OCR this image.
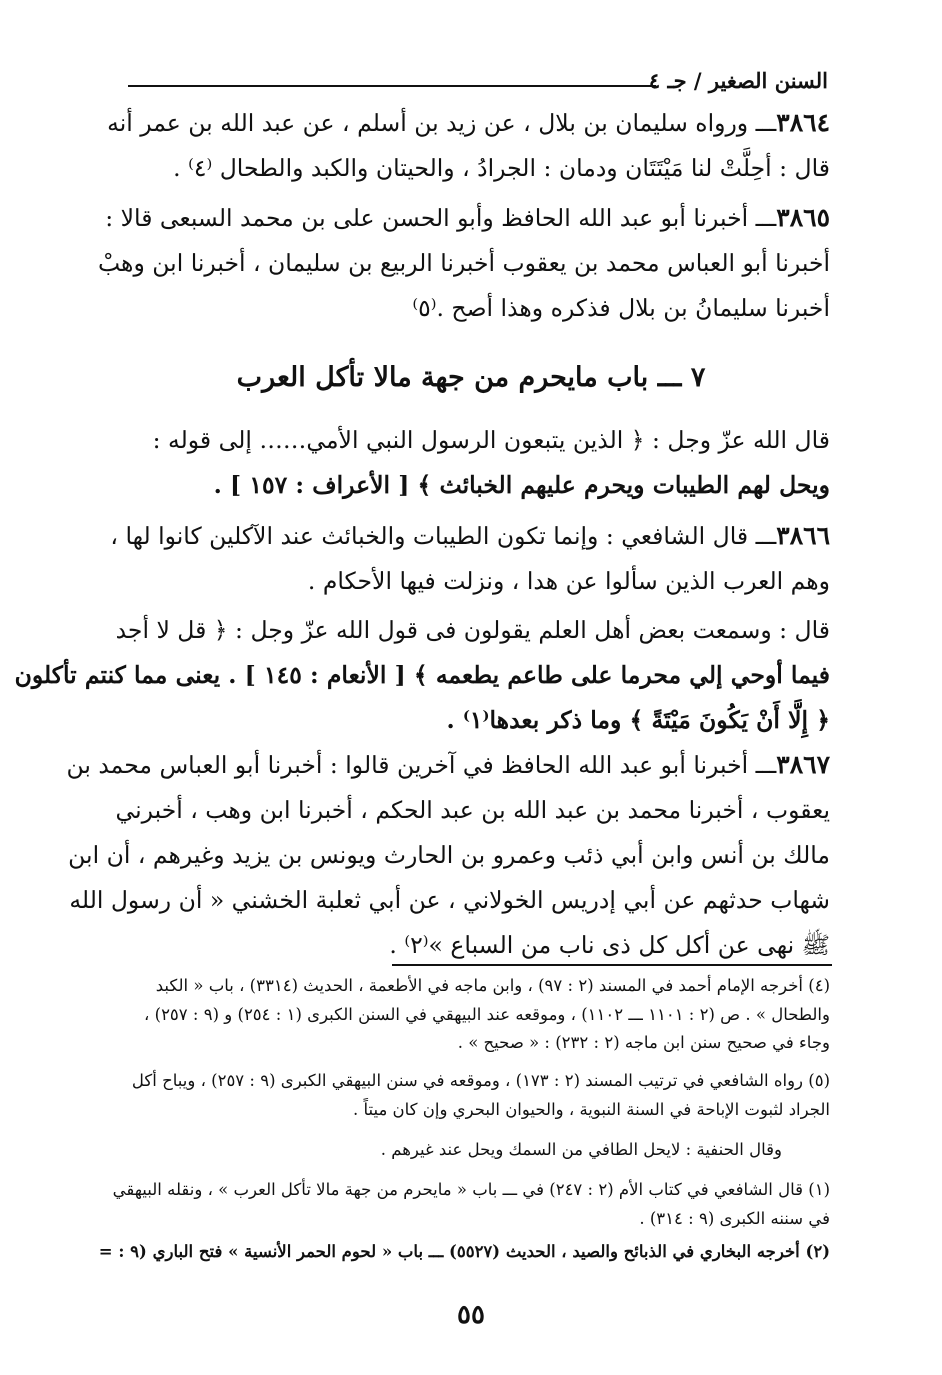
السنن الصغير / جـ ٤

٣٨٦٤ـــ ورواه سليمان بن بلال ، عن زيد بن أسلم ، عن عبد الله بن عمر أنه

قال : أحِلَّتْ لنا مَيْتَتَان ودمان : الجرادُ ، والحيتان والكبد والطحال ⁽٤⁾ .

٣٨٦٥ـــ أخبرنا أبو عبد الله الحافظ وأبو الحسن على بن محمد السبعى قالا :

أخبرنا أبو العباس محمد بن يعقوب أخبرنا الربيع بن سليمان ، أخبرنا ابن وهبْ

أخبرنا سليمانُ بن بلال فذكره وهذا أصح .⁽٥⁾

٧ ـــ باب مايحرم من جهة مالا تأكل العرب

قال الله عزّ وجل : ﴿ الذين يتبعون الرسول النبي الأمي…… إلى قوله :

ويحل لهم الطيبات ويحرم عليهم الخبائث ﴾ [ الأعراف : ١٥٧ ] .

٣٨٦٦ـــ قال الشافعي : وإنما تكون الطيبات والخبائث عند الآكلين كانوا لها ،

وهم العرب الذين سألوا عن هدا ، ونزلت فيها الأحكام .

قال : وسمعت بعض أهل العلم يقولون فى قول الله عزّ وجل : ﴿ قل لا أجد

فيما أوحي إلي محرما على طاعم يطعمه ﴾ [ الأنعام : ١٤٥ ] . يعنى مما كنتم تأكلون

﴿ إِلَّا أَنْ يَكُونَ مَيْتَةً ﴾ وما ذكر بعدها⁽١⁾ .

٣٨٦٧ـــ أخبرنا أبو عبد الله الحافظ في آخرين قالوا : أخبرنا أبو العباس محمد بن

يعقوب ، أخبرنا محمد بن عبد الله بن عبد الحكم ، أخبرنا ابن وهب ، أخبرني

مالك بن أنس وابن أبي ذئب وعمرو بن الحارث ويونس بن يزيد وغيرهم ، أن ابن

شهاب حدثهم عن أبي إدريس الخولاني ، عن أبي ثعلبة الخشني « أن رسول الله

ﷺ نهى عن أكل كل ذى ناب من السباع »⁽٢⁾ .

(٤) أخرجه الإمام أحمد في المسند (٢ : ٩٧) ، وابن ماجه في الأطعمة ، الحديث (٣٣١٤) ، باب « الكبد

والطحال » . ص (٢ : ١١٠١ ـــ ١١٠٢) ، وموقعه عند البيهقي في السنن الكبرى (١ : ٢٥٤) و (٩ : ٢٥٧) ،

وجاء في صحيح سنن ابن ماجه (٢ : ٢٣٢) : « صحيح » .

(٥) رواه الشافعي في ترتيب المسند (٢ : ١٧٣) ، وموقعه في سنن البيهقي الكبرى (٩ : ٢٥٧) ، ويباح أكل

الجراد لثبوت الإباحة في السنة النبوية ، والحيوان البحري وإن كان ميتاً .

وقال الحنفية : لايحل الطافي من السمك ويحل عند غيرهم .

(١) قال الشافعي في كتاب الأم (٢ : ٢٤٧) في ـــ باب « مايحرم من جهة مالا تأكل العرب » ، ونقله البيهقي

في سننه الكبرى (٩ : ٣١٤) .

(٢) أخرجه البخاري في الذبائح والصيد ، الحديث (٥٥٢٧) ـــ باب « لحوم الحمر الأنسية » فتح الباري (٩ : =

٥٥
